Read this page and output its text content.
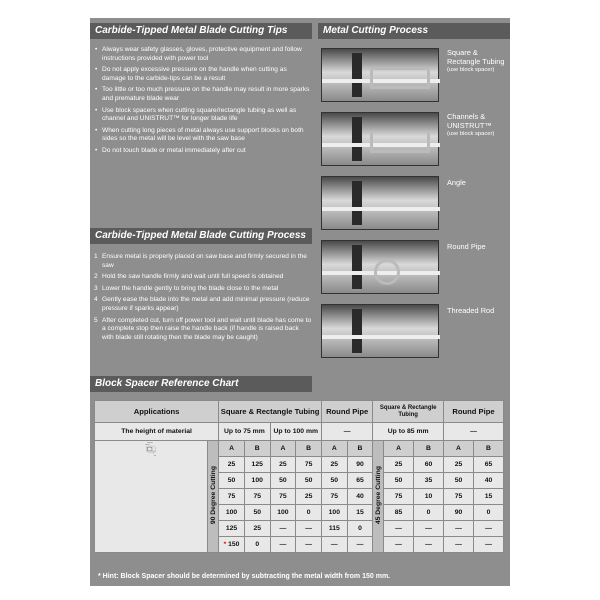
Carbide-Tipped Metal Blade Cutting Tips
• Always wear safety glasses, gloves, protective equipment and follow instructions provided with power tool
• Do not apply excessive pressure on the handle when cutting as damage to the carbide-tips can be a result
• Too little or too much pressure on the handle may result in more sparks and premature blade wear
• Use block spacers when cutting square/rectangle tubing as well as channel and UNISTRUT™ for longer blade life
• When cutting long pieces of metal always use support blocks on both sides so the metal will be level with the saw base
• Do not touch blade or metal immediately after cut
Carbide-Tipped Metal Blade Cutting Process
1 Ensure metal is properly placed on saw base and firmly secured in the saw
2 Hold the saw handle firmly and wait until full speed is obtained
3 Lower the handle gently to bring the blade close to the metal
4 Gently ease the blade into the metal and add minimal pressure (reduce pressure if sparks appear)
5 After completed cut, turn off power tool and wait until blade has come to a complete stop then raise the handle back (if handle is raised back with blade still rotating then the blade may be caught)
Metal Cutting Process
Square &
Rectangle Tubing
(use block spacer)
Channels &
UNISTRUT™
(use block spacer)
Angle
Round Pipe
Threaded Rod
Block Spacer Reference Chart
Applications		Square & Rectangle Tubing				Round Pipe		Square & Rectangle Tubing			Round Pipe	
The height of material		Up to 75 mm		Up to 100 mm		—		Up to 85 mm			—	

Block Spacer
Material
A B
(mm)	90 Degree Cutting	A	B	A	B	A	B	45 Degree Cutting	A	B	A	B
		25	125	25	75	25	90		25	60	25	65
		50	100	50	50	50	65		50	35	50	40
		75	75	75	25	75	40		75	10	75	15
		100	50	100	0	100	15		85	0	90	0
		125	25	—	—	115	0		—	—	—	—
		* 150	0	—	—	—	—		—	—	—	—
* Hint: Block Spacer should be determined by subtracting the metal width from 150 mm.
